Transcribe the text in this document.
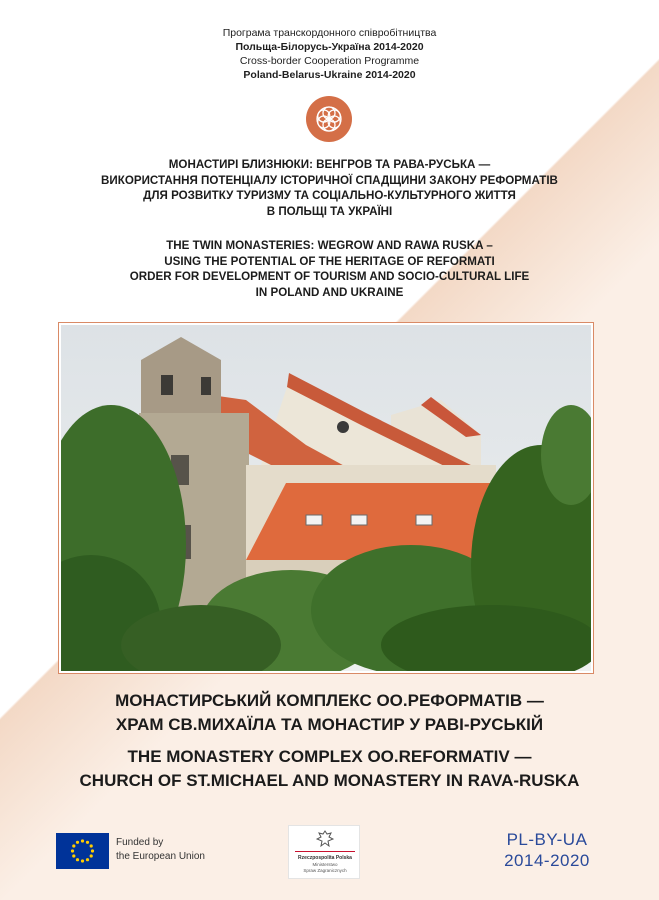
Програма транскордонного співробітництва
Польща-Білорусь-Україна 2014-2020
Cross-border Cooperation Programme
Poland-Belarus-Ukraine 2014-2020
МОНАСТИРІ БЛИЗНЮКИ: ВЕНГРОВ ТА РАВА-РУСЬКА —
ВИКОРИСТАННЯ ПОТЕНЦІАЛУ ІСТОРИЧНОЇ СПАДЩИНИ ЗАКОНУ РЕФОРМАТІВ
ДЛЯ РОЗВИТКУ ТУРИЗМУ ТА СОЦІАЛЬНО-КУЛЬТУРНОГО ЖИТТЯ
В ПОЛЬЩІ ТА УКРАЇНІ
THE TWIN MONASTERIES: WEGROW AND RAWA RUSKA –
USING THE POTENTIAL OF THE HERITAGE OF REFORMATI
ORDER FOR DEVELOPMENT OF TOURISM AND SOCIO-CULTURAL LIFE
IN POLAND AND UKRAINE
МОНАСТИРСЬКИЙ КОМПЛЕКС ОО.РЕФОРМАТІВ —
ХРАМ СВ.МИХАЇЛА ТА МОНАСТИР У РАВІ-РУСЬКІЙ
THE MONASTERY COMPLEX OO.REFORMATIV —
CHURCH OF ST.MICHAEL AND MONASTERY IN RAVA-RUSKA
Funded by
the European Union	Rzeczpospolita Polska
Ministerstwo
Spraw Zagranicznych
PL-BY-UA
2014-2020
